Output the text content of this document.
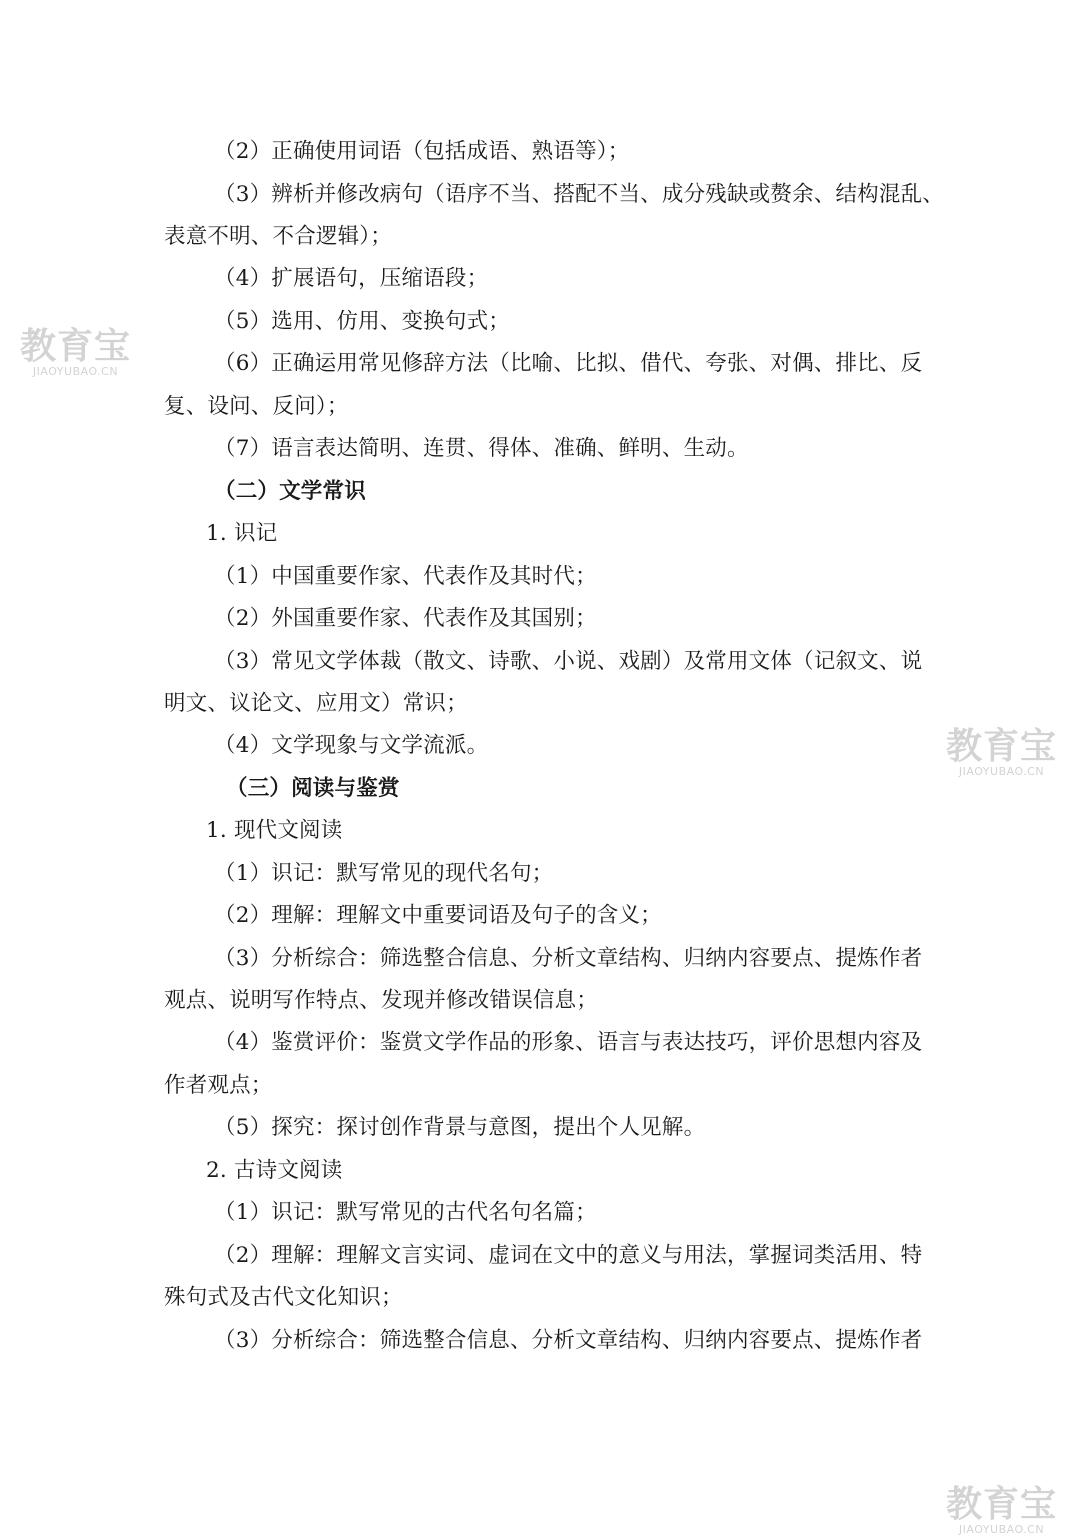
教育宝
JIAOYUBAO.CN
教育宝
JIAOYUBAO.CN
教育宝
JIAOYUBAO.CN
（2）正确使用词语（包括成语、熟语等）；
（3）辨析并修改病句（语序不当、搭配不当、成分残缺或赘余、结构混乱、
表意不明、不合逻辑）；
（4）扩展语句，压缩语段；
（5）选用、仿用、变换句式；
（6）正确运用常见修辞方法（比喻、比拟、借代、夸张、对偶、排比、反
复、设问、反问）；
（7）语言表达简明、连贯、得体、准确、鲜明、生动。
（二）文学常识
1. 识记
（1）中国重要作家、代表作及其时代；
（2）外国重要作家、代表作及其国别；
（3）常见文学体裁（散文、诗歌、小说、戏剧）及常用文体（记叙文、说
明文、议论文、应用文）常识；
（4）文学现象与文学流派。
（三）阅读与鉴赏
1. 现代文阅读
（1）识记：默写常见的现代名句；
（2）理解：理解文中重要词语及句子的含义；
（3）分析综合：筛选整合信息、分析文章结构、归纳内容要点、提炼作者
观点、说明写作特点、发现并修改错误信息；
（4）鉴赏评价：鉴赏文学作品的形象、语言与表达技巧，评价思想内容及
作者观点；
（5）探究：探讨创作背景与意图，提出个人见解。
2. 古诗文阅读
（1）识记：默写常见的古代名句名篇；
（2）理解：理解文言实词、虚词在文中的意义与用法，掌握词类活用、特
殊句式及古代文化知识；
（3）分析综合：筛选整合信息、分析文章结构、归纳内容要点、提炼作者
